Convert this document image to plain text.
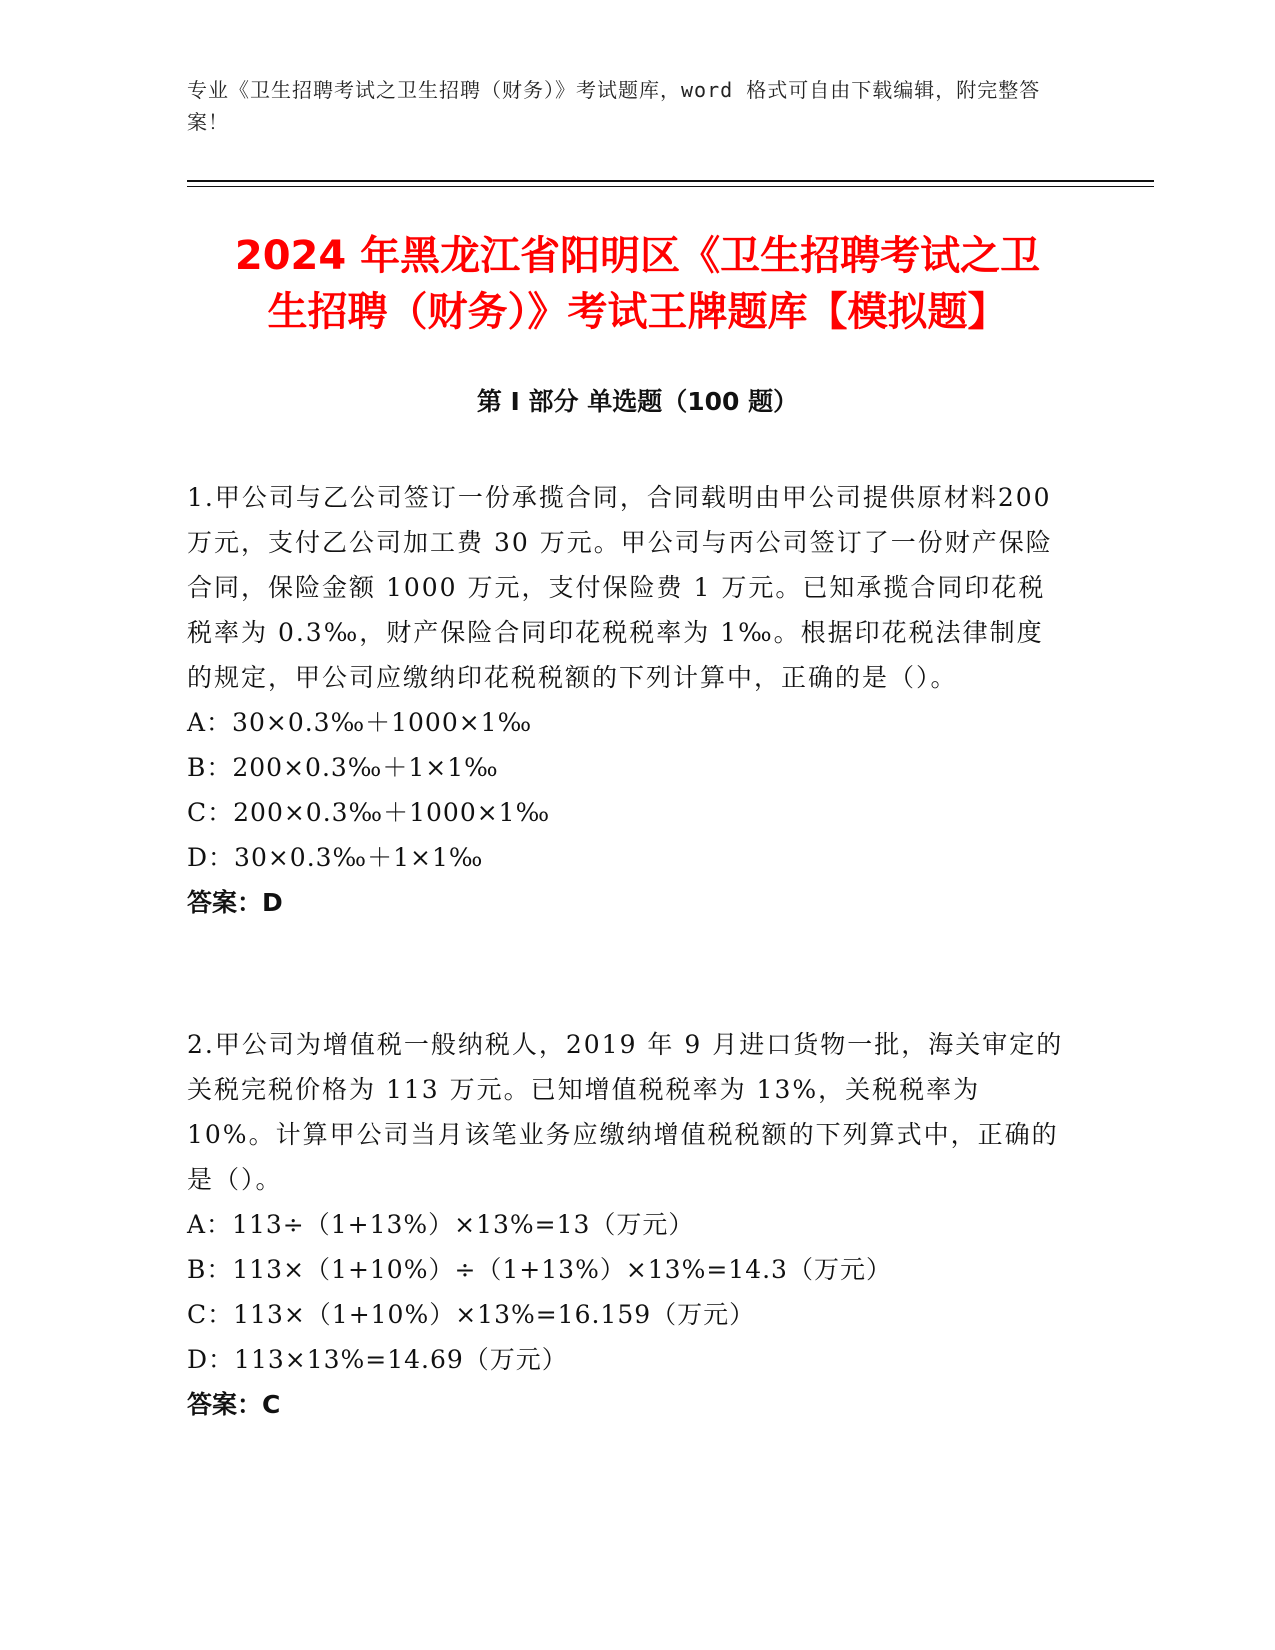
专业《卫生招聘考试之卫生招聘（财务）》考试题库，word 格式可自由下载编辑，附完整答案！
2024 年黑龙江省阳明区《卫生招聘考试之卫
生招聘（财务）》考试王牌题库【模拟题】
第 I 部分 单选题（100 题）
1.甲公司与乙公司签订一份承揽合同，合同载明由甲公司提供原材料200 万元，支付乙公司加工费 30 万元。甲公司与丙公司签订了一份财产保险合同，保险金额 1000 万元，支付保险费 1 万元。已知承揽合同印花税税率为 0.3‰，财产保险合同印花税税率为 1‰。根据印花税法律制度的规定，甲公司应缴纳印花税税额的下列计算中，正确的是（）。
A：30×0.3‰＋1000×1‰
B：200×0.3‰＋1×1‰
C：200×0.3‰＋1000×1‰
D：30×0.3‰＋1×1‰
答案：D
2.甲公司为增值税一般纳税人，2019 年 9 月进口货物一批，海关审定的关税完税价格为 113 万元。已知增值税税率为 13%，关税税率为 10%。计算甲公司当月该笔业务应缴纳增值税税额的下列算式中，正确的是（）。
A：113÷（1+13%）×13%=13（万元）
B：113×（1+10%）÷（1+13%）×13%=14.3（万元）
C：113×（1+10%）×13%=16.159（万元）
D：113×13%=14.69（万元）
答案：C
